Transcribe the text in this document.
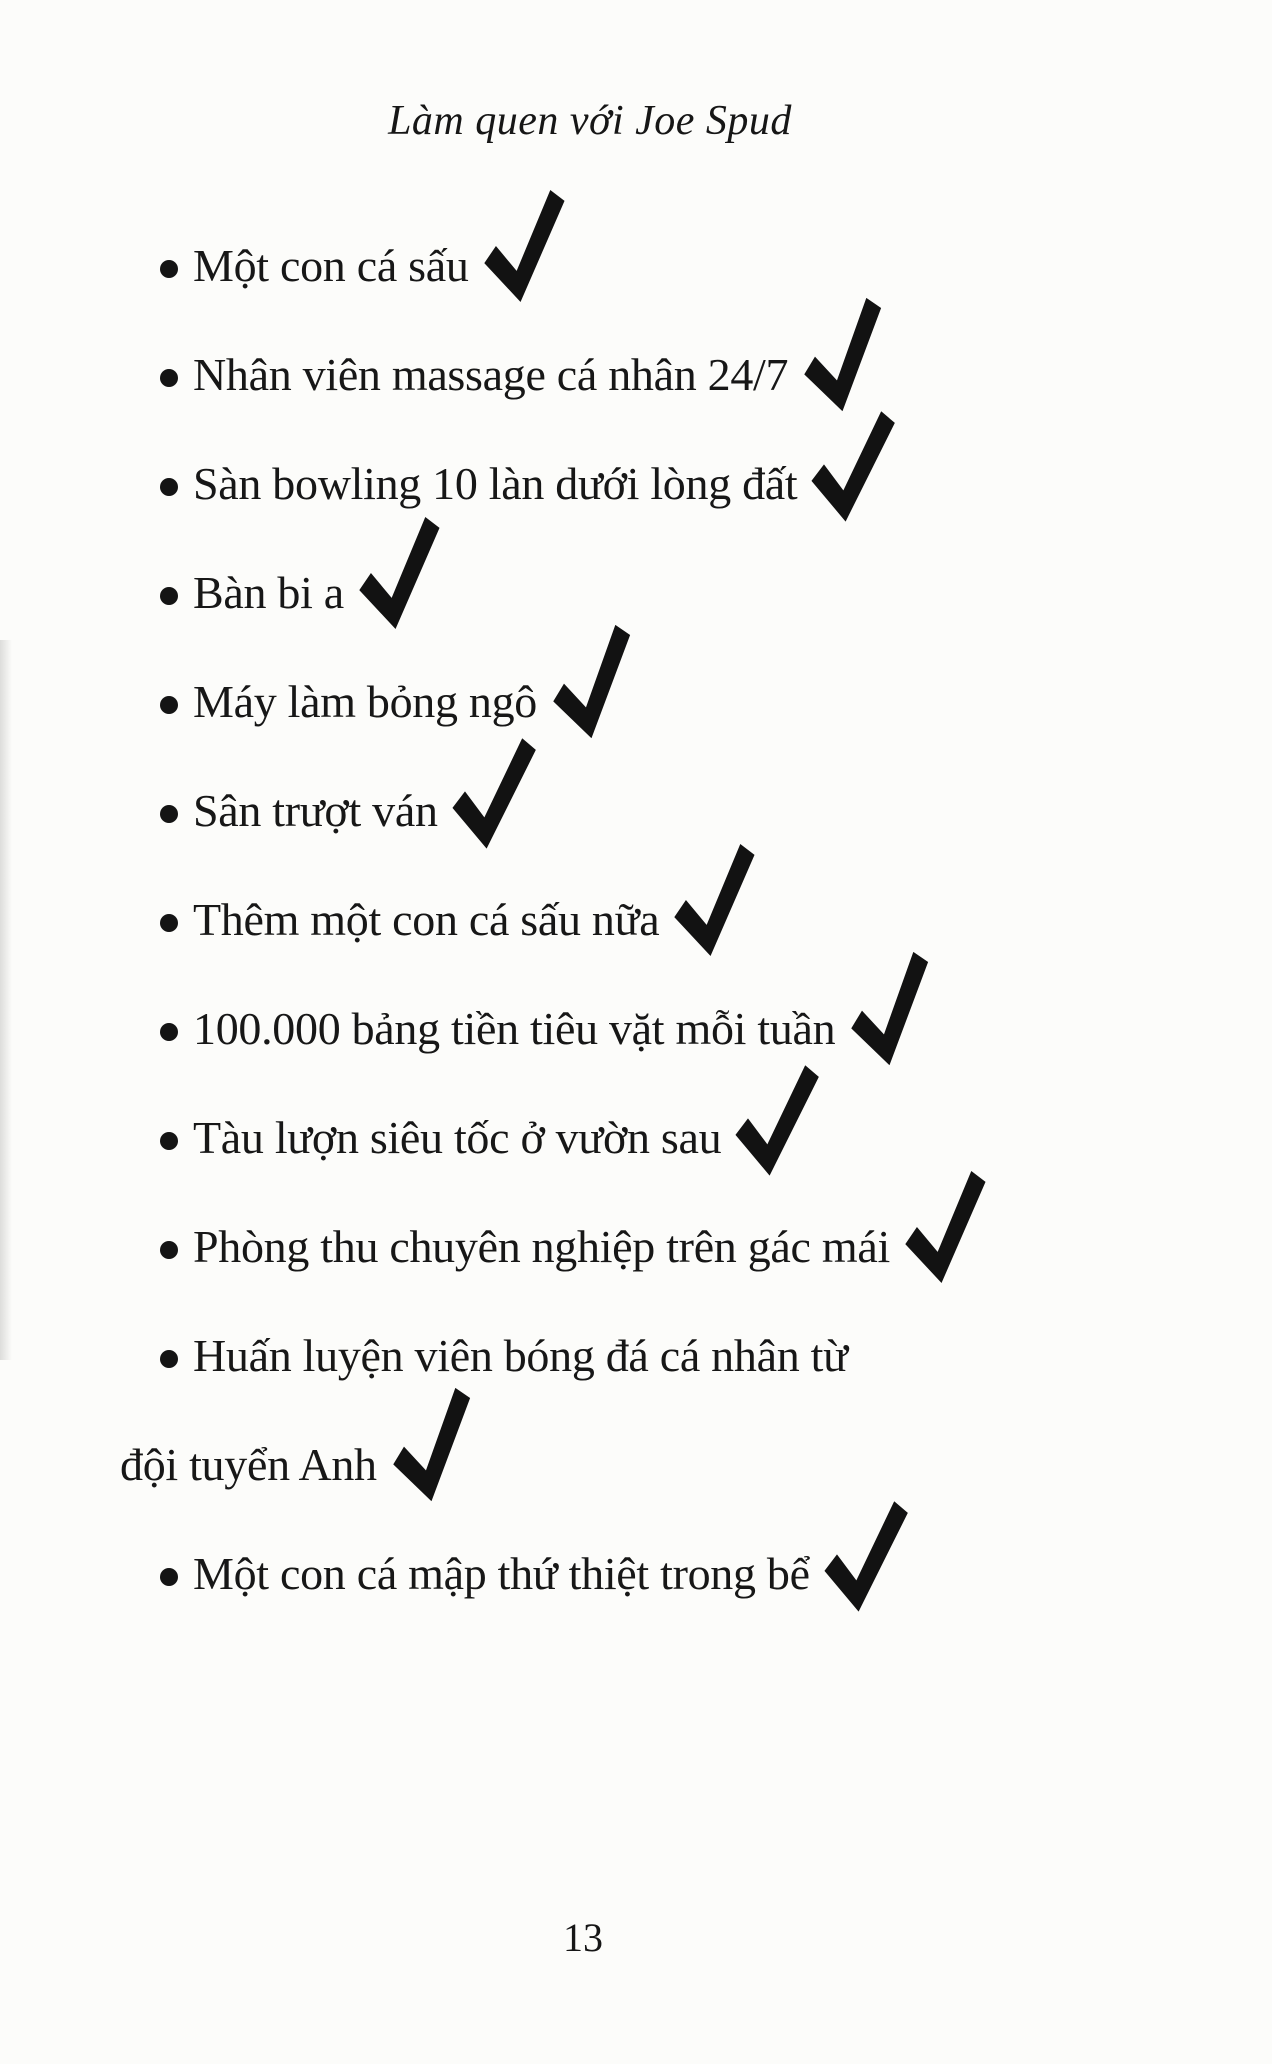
Làm quen với Joe Spud
Một con cá sấu
Nhân viên massage cá nhân 24/7
Sàn bowling 10 làn dưới lòng đất
Bàn bi a
Máy làm bỏng ngô
Sân trượt ván
Thêm một con cá sấu nữa
100.000 bảng tiền tiêu vặt mỗi tuần
Tàu lượn siêu tốc ở vườn sau
Phòng thu chuyên nghiệp trên gác mái
Huấn luyện viên bóng đá cá nhân từ
đội tuyển Anh
Một con cá mập thứ thiệt trong bể
13
